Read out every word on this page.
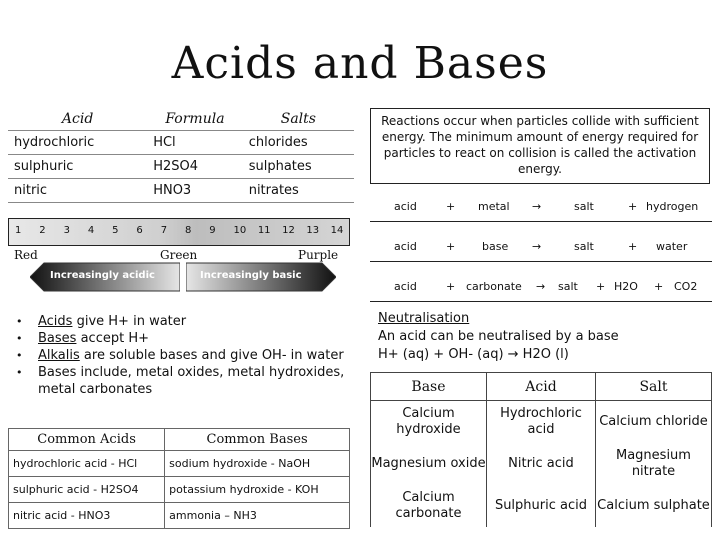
Acids and Bases
Acid	Formula	Salts
hydrochloric	HCl	chlorides
sulphuric	H2SO4	sulphates
nitric	HNO3	nitrates
1	2	3	4	5	6	7	8	9	10	11	12	13	14
Red	Green	Purple
Increasingly acidic	Increasingly basic
• Acids give H+ in water
• Bases accept H+
• Alkalis are soluble bases and give OH- in water
• Bases include, metal oxides, metal hydroxides, metal carbonates
Common Acids	Common Bases
hydrochloric acid - HCl	sodium hydroxide - NaOH
sulphuric acid - H2SO4	potassium hydroxide - KOH
nitric acid - HNO3	ammonia – NH3
Reactions occur when particles collide with sufficient energy. The minimum amount of energy required for particles to react on collision is called the activation energy.
acid	+ metal →	salt	+ hydrogen
acid	+ base →	salt	+ water
acid	+ carbonate → salt + H2O + CO2
Neutralisation
An acid can be neutralised by a base
H+ (aq) + OH- (aq) → H2O (l)
Base	Acid	Salt
Calcium hydroxide	Hydrochloric acid	Calcium chloride
Magnesium oxide	Nitric acid	Magnesium nitrate
Calcium carbonate	Sulphuric acid	Calcium sulphate
